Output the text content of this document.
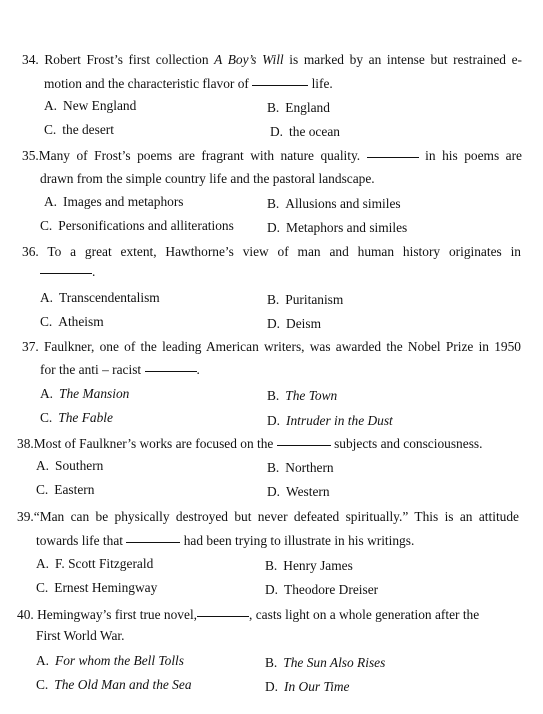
34. Robert Frost’s first collection A Boy’s Will is marked by an intense but restrained e-
motion and the characteristic flavor of	life.
A. New England	B. England
C. the desert	D. the ocean
35.Many of Frost’s poems are fragrant with nature quality.	in his poems are
drawn from the simple country life and the pastoral landscape.
A. Images and metaphors	B. Allusions and similes
C. Personifications and alliterations D. Metaphors and similes
36. To a great extent, Hawthorne’s view of man and human history originates in
.
A. Transcendentalism	B. Puritanism
C. Atheism	D. Deism
37. Faulkner, one of the leading American writers, was awarded the Nobel Prize in 1950
for the anti – racist	.
A. The Mansion	B. The Town
C. The Fable	D. Intruder in the Dust
38.Most of Faulkner’s works are focused on the	subjects and consciousness.
A. Southern	B. Northern
C. Eastern	D. Western
39.“Man can be physically destroyed but never defeated spiritually.” This is an attitude
towards life that	had been trying to illustrate in his writings.
A. F. Scott Fitzgerald	B. Henry James
C. Ernest Hemingway	D. Theodore Dreiser
40. Hemingway’s first true novel,	, casts light on a whole generation after the
First World War.
A. For whom the Bell Tolls	B. The Sun Also Rises
C. The Old Man and the Sea	D. In Our Time
